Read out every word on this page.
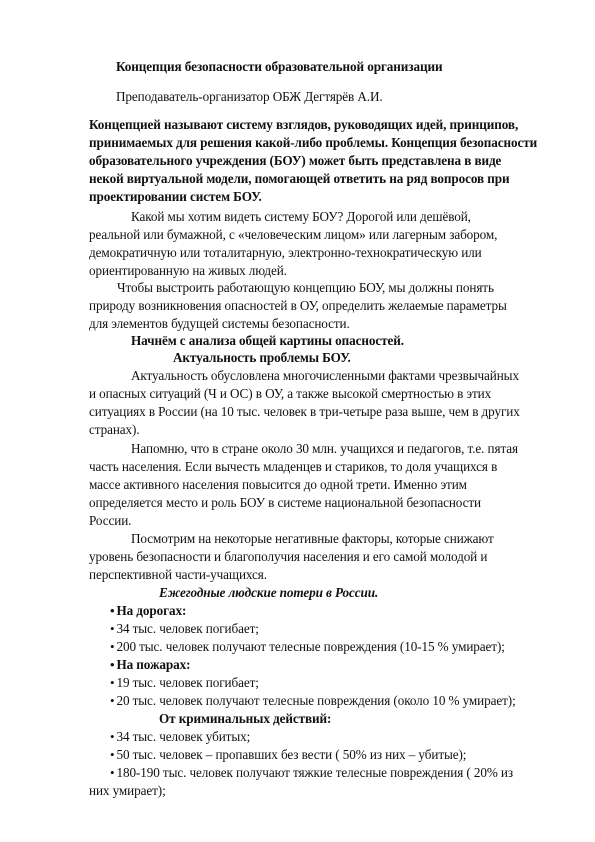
Концепция безопасности образовательной организации
Преподаватель-организатор ОБЖ Дегтярёв А.И.
Концепцией называют систему взглядов, руководящих идей, принципов,
принимаемых для решения какой-либо проблемы. Концепция безопасности
образовательного учреждения (БОУ) может быть представлена в виде
некой виртуальной модели, помогающей ответить на ряд вопросов при
проектировании систем БОУ.
Какой мы хотим видеть систему БОУ? Дорогой или дешёвой,
реальной или бумажной, с «человеческим лицом» или лагерным забором,
демократичную или тоталитарную, электронно-технократическую или
ориентированную на живых людей.
Чтобы выстроить работающую концепцию БОУ, мы должны понять
природу возникновения опасностей в ОУ, определить желаемые параметры
для элементов будущей системы безопасности.
Начнём с анализа общей картины опасностей.
Актуальность проблемы БОУ.
Актуальность обусловлена многочисленными фактами чрезвычайных
и опасных ситуаций (Ч и ОС) в ОУ, а также высокой смертностью в этих
ситуациях в России (на 10 тыс. человек в три-четыре раза выше, чем в других
странах).
Напомню, что в стране около 30 млн. учащихся и педагогов, т.е. пятая
часть населения. Если вычесть младенцев и стариков, то доля учащихся в
массе активного населения повысится до одной трети. Именно этим
определяется место и роль БОУ в системе национальной безопасности
России.
Посмотрим на некоторые негативные факторы, которые снижают
уровень безопасности и благополучия населения и его самой молодой и
перспективной части-учащихся.
Ежегодные людские потери в России.
• На дорогах:
• 34 тыс. человек погибает;
• 200 тыс. человек получают телесные повреждения (10-15 % умирает);
• На пожарах:
• 19 тыс. человек погибает;
• 20 тыс. человек получают телесные повреждения (около 10 % умирает);
От криминальных действий:
• 34 тыс. человек убитых;
• 50 тыс. человек – пропавших без вести ( 50% из них – убитые);
• 180-190 тыс. человек получают тяжкие телесные повреждения ( 20% из
них умирает);
